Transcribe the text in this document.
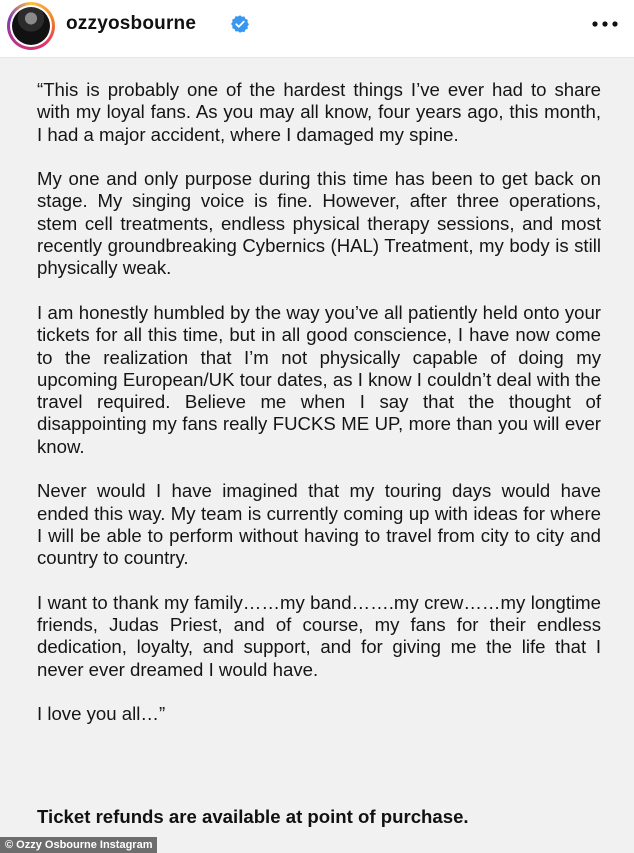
ozzyosbourne

“This is probably one of the hardest things I’ve ever had to share with my loyal fans. As you may all know, four years ago, this month, I had a major accident, where I damaged my spine.

My one and only purpose during this time has been to get back on stage. My singing voice is fine. However, after three operations, stem cell treatments, endless physical therapy sessions, and most recently groundbreaking Cybernics (HAL) Treatment, my body is still physically weak.

I am honestly humbled by the way you’ve all patiently held onto your tickets for all this time, but in all good conscience, I have now come to the realization that I’m not physically capable of doing my upcoming European/UK tour dates, as I know I couldn’t deal with the travel required. Believe me when I say that the thought of disappointing my fans really FUCKS ME UP, more than you will ever know.

Never would I have imagined that my touring days would have ended this way. My team is currently coming up with ideas for where I will be able to perform without having to travel from city to city and country to country.

I want to thank my family……my band…….my crew……my longtime friends, Judas Priest, and of course, my fans for their endless dedication, loyalty, and support, and for giving me the life that I never ever dreamed I would have.

I love you all…”

Ticket refunds are available at point of purchase.
© Ozzy Osbourne Instagram
